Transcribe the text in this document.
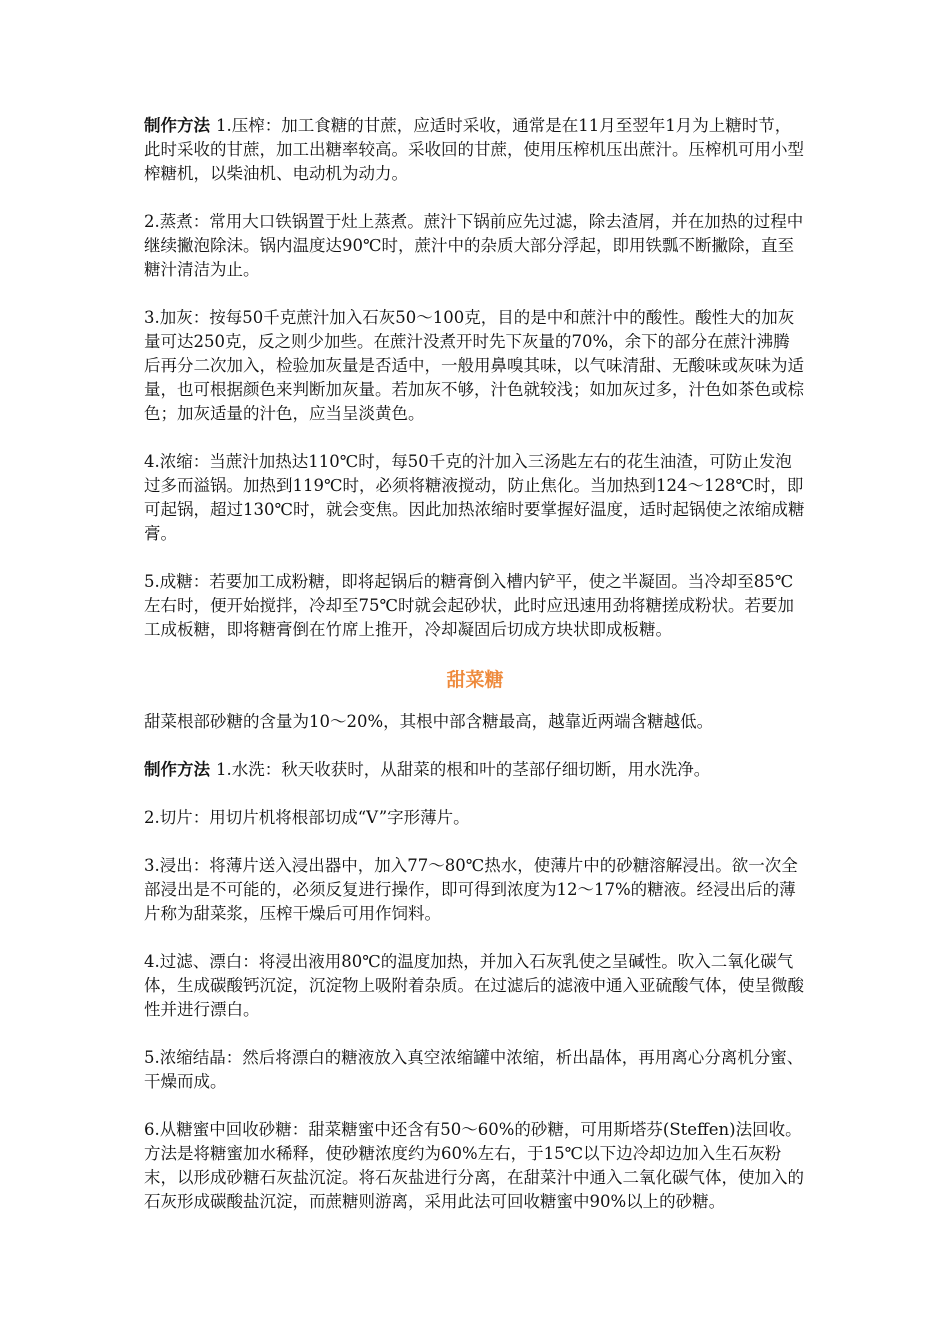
制作方法 1.压榨：加工食糖的甘蔗，应适时采收，通常是在11月至翌年1月为上糖时节，此时采收的甘蔗，加工出糖率较高。采收回的甘蔗，使用压榨机压出蔗汁。压榨机可用小型榨糖机，以柴油机、电动机为动力。

2.蒸煮：常用大口铁锅置于灶上蒸煮。蔗汁下锅前应先过滤，除去渣屑，并在加热的过程中继续撇泡除沫。锅内温度达90℃时，蔗汁中的杂质大部分浮起，即用铁瓢不断撇除，直至糖汁清洁为止。

3.加灰：按每50千克蔗汁加入石灰50～100克，目的是中和蔗汁中的酸性。酸性大的加灰量可达250克，反之则少加些。在蔗汁没煮开时先下灰量的70%，余下的部分在蔗汁沸腾后再分二次加入，检验加灰量是否适中，一般用鼻嗅其味，以气味清甜、无酸味或灰味为适量，也可根据颜色来判断加灰量。若加灰不够，汁色就较浅；如加灰过多，汁色如茶色或棕色；加灰适量的汁色，应当呈淡黄色。

4.浓缩：当蔗汁加热达110℃时，每50千克的汁加入三汤匙左右的花生油渣，可防止发泡过多而溢锅。加热到119℃时，必须将糖液搅动，防止焦化。当加热到124～128℃时，即可起锅，超过130℃时，就会变焦。因此加热浓缩时要掌握好温度，适时起锅使之浓缩成糖膏。

5.成糖：若要加工成粉糖，即将起锅后的糖膏倒入槽内铲平，使之半凝固。当冷却至85℃左右时，便开始搅拌，冷却至75℃时就会起砂状，此时应迅速用劲将糖搓成粉状。若要加工成板糖，即将糖膏倒在竹席上推开，冷却凝固后切成方块状即成板糖。

甜菜糖

甜菜根部砂糖的含量为10～20%，其根中部含糖最高，越靠近两端含糖越低。

制作方法 1.水洗：秋天收获时，从甜菜的根和叶的茎部仔细切断，用水洗净。

2.切片：用切片机将根部切成“V”字形薄片。

3.浸出：将薄片送入浸出器中，加入77～80℃热水，使薄片中的砂糖溶解浸出。欲一次全部浸出是不可能的，必须反复进行操作，即可得到浓度为12～17%的糖液。经浸出后的薄片称为甜菜浆，压榨干燥后可用作饲料。

4.过滤、漂白：将浸出液用80℃的温度加热，并加入石灰乳使之呈碱性。吹入二氧化碳气体，生成碳酸钙沉淀，沉淀物上吸附着杂质。在过滤后的滤液中通入亚硫酸气体，使呈微酸性并进行漂白。

5.浓缩结晶：然后将漂白的糖液放入真空浓缩罐中浓缩，析出晶体，再用离心分离机分蜜、干燥而成。

6.从糖蜜中回收砂糖：甜菜糖蜜中还含有50～60%的砂糖，可用斯塔芬(Steffen)法回收。方法是将糖蜜加水稀释，使砂糖浓度约为60%左右，于15℃以下边冷却边加入生石灰粉末，以形成砂糖石灰盐沉淀。将石灰盐进行分离，在甜菜汁中通入二氧化碳气体，使加入的石灰形成碳酸盐沉淀，而蔗糖则游离，采用此法可回收糖蜜中90%以上的砂糖。
